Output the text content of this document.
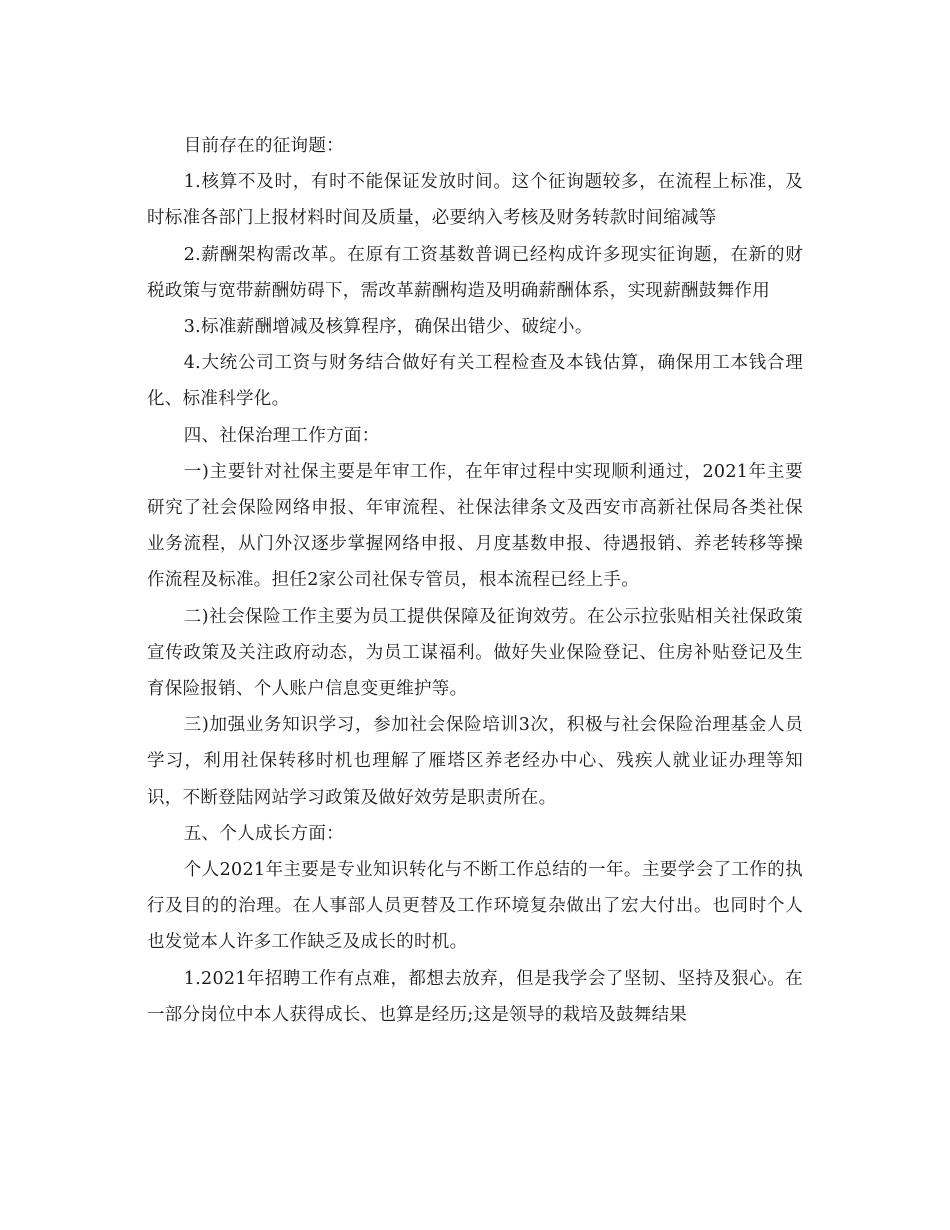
目前存在的征询题：

1.核算不及时，有时不能保证发放时间。这个征询题较多，在流程上标准，及时标准各部门上报材料时间及质量，必要纳入考核及财务转款时间缩减等

2.薪酬架构需改革。在原有工资基数普调已经构成许多现实征询题，在新的财税政策与宽带薪酬妨碍下，需改革薪酬构造及明确薪酬体系，实现薪酬鼓舞作用

3.标准薪酬增减及核算程序，确保出错少、破绽小。

4.大统公司工资与财务结合做好有关工程检查及本钱估算，确保用工本钱合理化、标准科学化。

四、社保治理工作方面：

一)主要针对社保主要是年审工作，在年审过程中实现顺利通过，2021年主要研究了社会保险网络申报、年审流程、社保法律条文及西安市高新社保局各类社保业务流程，从门外汉逐步掌握网络申报、月度基数申报、待遇报销、养老转移等操作流程及标准。担任2家公司社保专管员，根本流程已经上手。

二)社会保险工作主要为员工提供保障及征询效劳。在公示拉张贴相关社保政策宣传政策及关注政府动态，为员工谋福利。做好失业保险登记、住房补贴登记及生育保险报销、个人账户信息变更维护等。

三)加强业务知识学习，参加社会保险培训3次，积极与社会保险治理基金人员学习，利用社保转移时机也理解了雁塔区养老经办中心、残疾人就业证办理等知识，不断登陆网站学习政策及做好效劳是职责所在。

五、个人成长方面：

个人2021年主要是专业知识转化与不断工作总结的一年。主要学会了工作的执行及目的的治理。在人事部人员更替及工作环境复杂做出了宏大付出。也同时个人也发觉本人许多工作缺乏及成长的时机。

1.2021年招聘工作有点难，都想去放弃，但是我学会了坚韧、坚持及狠心。在一部分岗位中本人获得成长、也算是经历;这是领导的栽培及鼓舞结果
